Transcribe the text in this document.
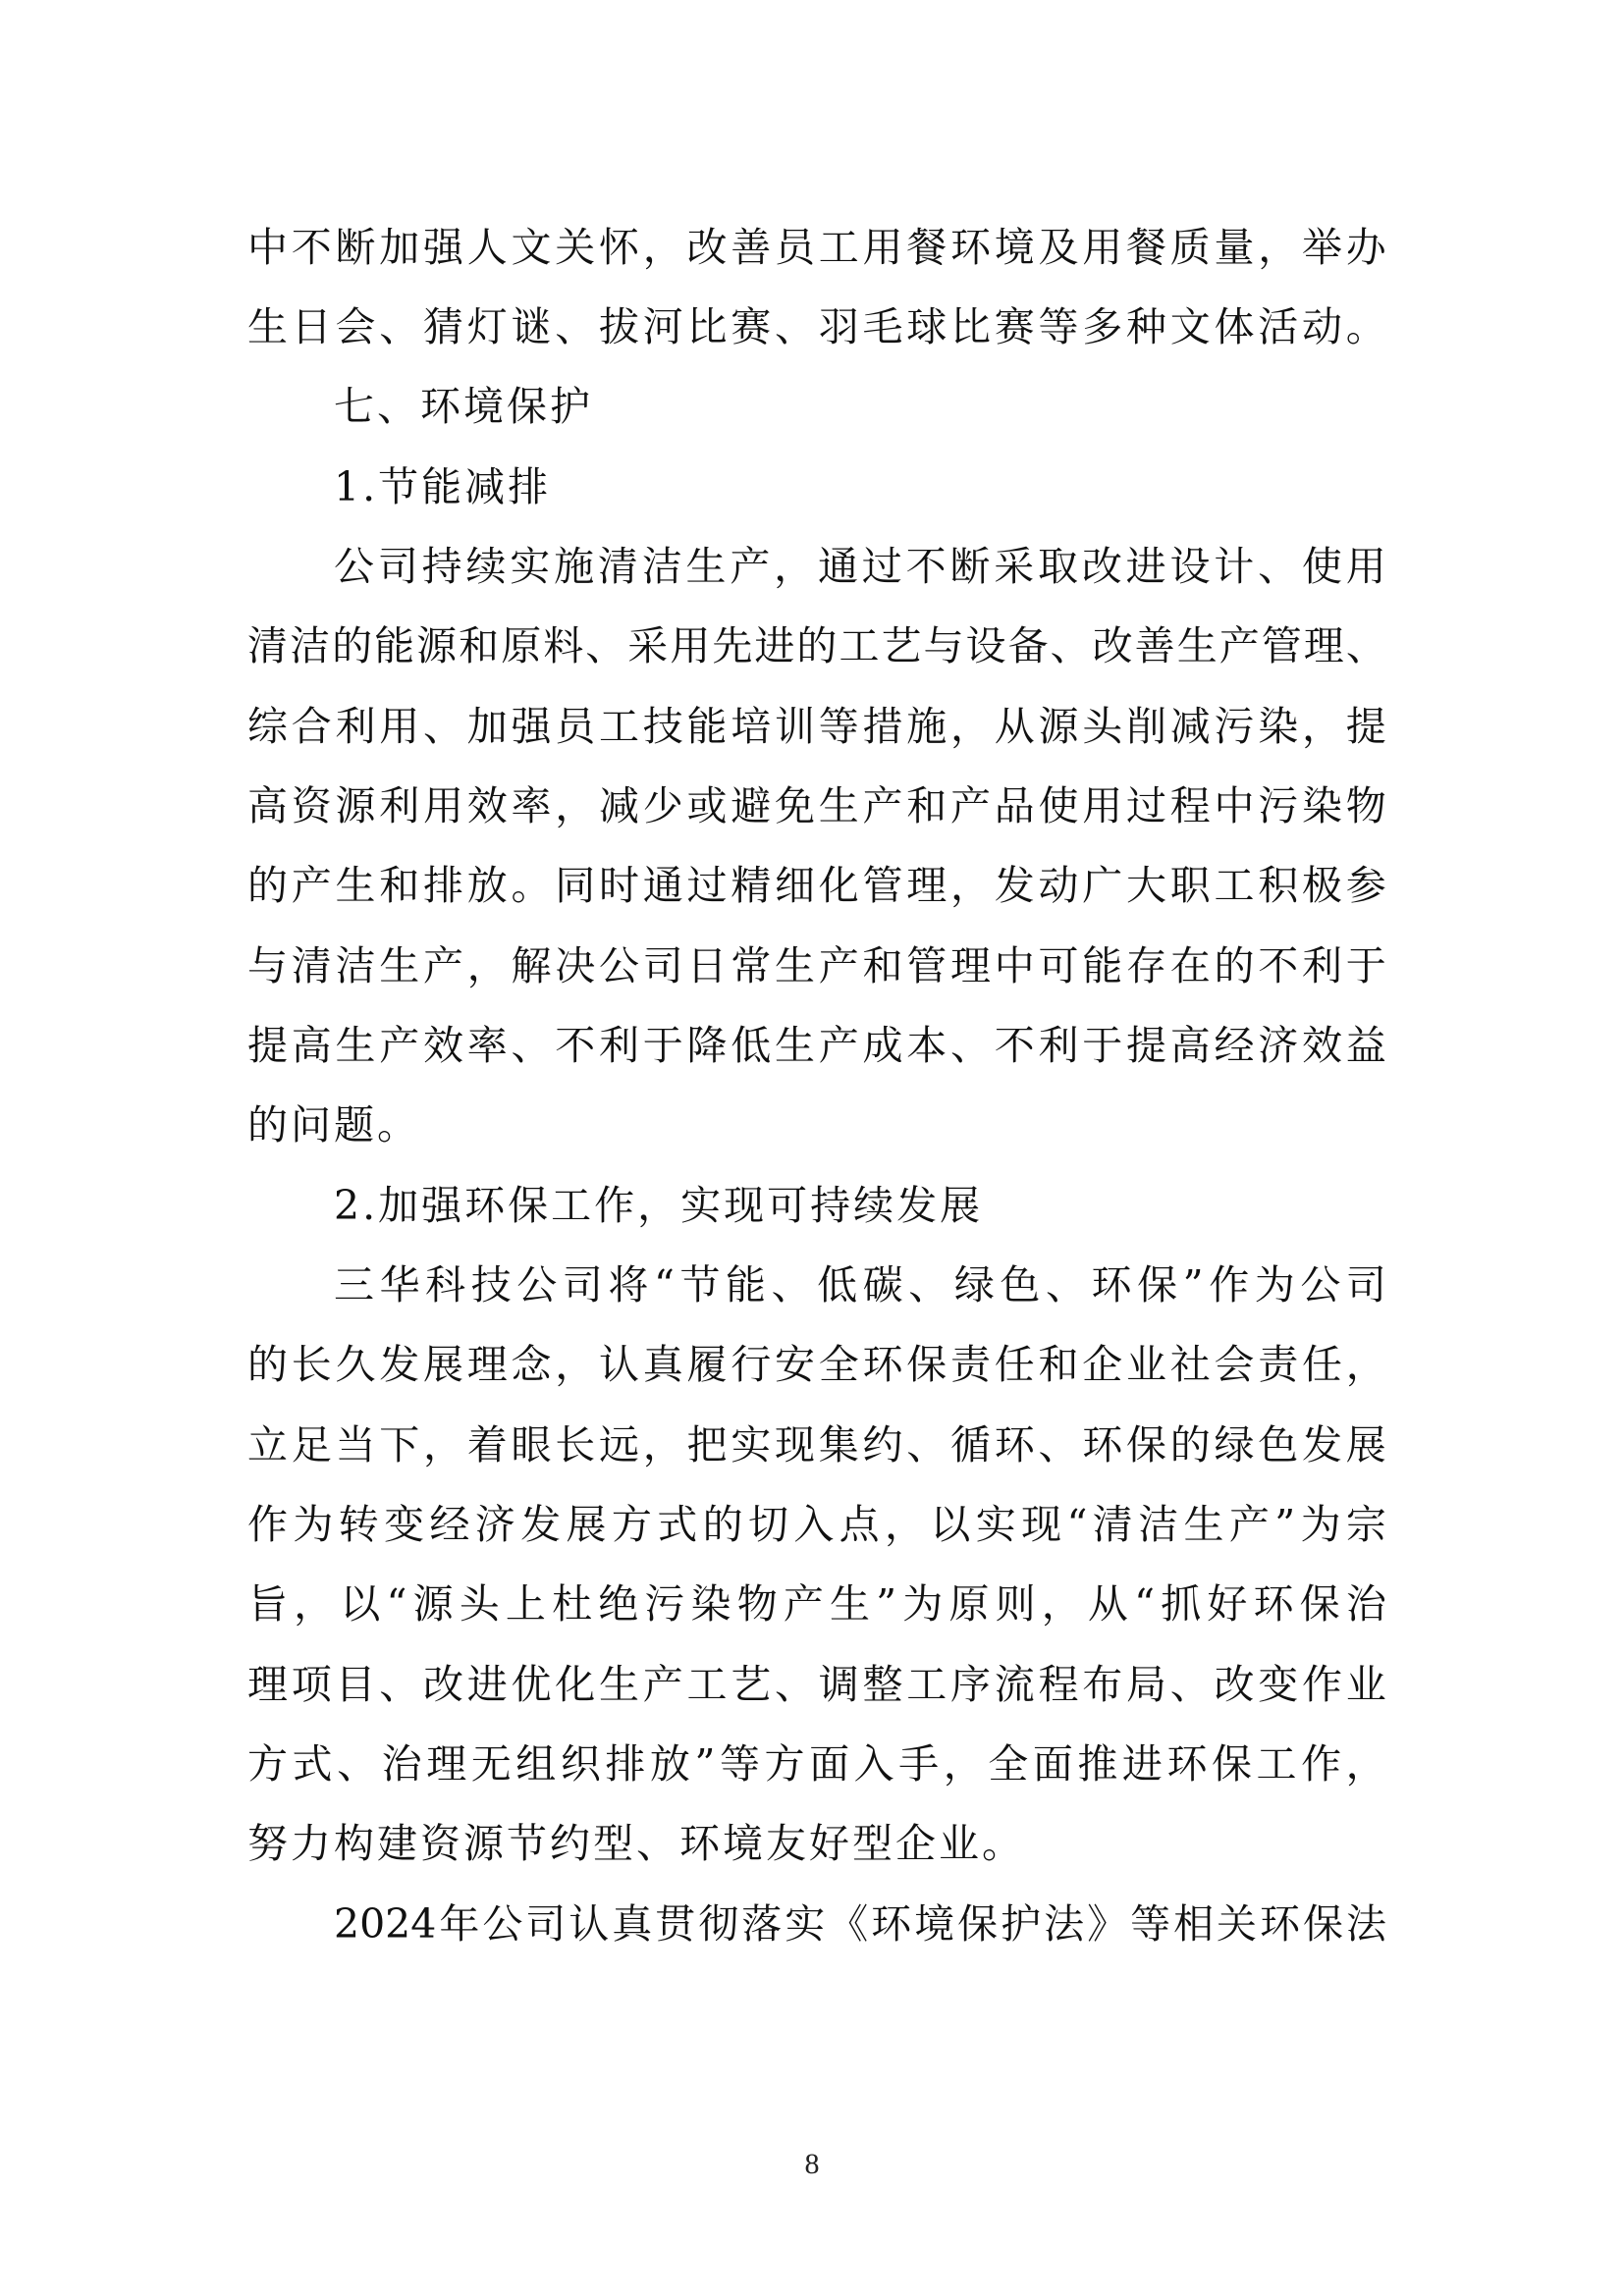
中 不 断 加 强 人 文 关 怀 ， 改 善 员 工 用 餐 环 境 及 用 餐 质 量 ， 举 办
生 日 会 、 猜 灯 谜 、 拔 河 比 赛 、 羽 毛 球 比 赛 等 多 种 文 体 活 动 。
七、环境保护
1.节能减排
公 司 持 续 实 施 清 洁 生 产 ， 通 过 不 断 采 取 改 进 设 计 、 使 用
清 洁 的 能 源 和 原 料 、 采 用 先 进 的 工 艺 与 设 备 、 改 善 生 产 管 理 、
综 合 利 用 、 加 强 员 工 技 能 培 训 等 措 施 ， 从 源 头 削 减 污 染 ， 提
高 资 源 利 用 效 率 ， 减 少 或 避 免 生 产 和 产 品 使 用 过 程 中 污 染 物
的 产 生 和 排 放 。 同 时 通 过 精 细 化 管 理 ， 发 动 广 大 职 工 积 极 参
与 清 洁 生 产 ， 解 决 公 司 日 常 生 产 和 管 理 中 可 能 存 在 的 不 利 于
提 高 生 产 效 率 、 不 利 于 降 低 生 产 成 本 、 不 利 于 提 高 经 济 效 益
的问题。
2.加强环保工作，实现可持续发展
三 华 科 技 公 司 将 “ 节 能 、 低 碳 、 绿 色 、 环 保 ” 作 为 公 司
的 长 久 发 展 理 念 ， 认 真 履 行 安 全 环 保 责 任 和 企 业 社 会 责 任 ，
立 足 当 下 ， 着 眼 长 远 ， 把 实 现 集 约 、 循 环 、 环 保 的 绿 色 发 展
作 为 转 变 经 济 发 展 方 式 的 切 入 点 ， 以 实 现 “ 清 洁 生 产 ” 为 宗
旨 ， 以 “ 源 头 上 杜 绝 污 染 物 产 生 ” 为 原 则 ， 从 “ 抓 好 环 保 治
理 项 目 、 改 进 优 化 生 产 工 艺 、 调 整 工 序 流 程 布 局 、 改 变 作 业
方 式 、 治 理 无 组 织 排 放 ” 等 方 面 入 手 ， 全 面 推 进 环 保 工 作 ，
努力构建资源节约型、环境友好型企业。
2024 年 公 司 认 真 贯 彻 落 实 《 环 境 保 护 法 》 等 相 关 环 保 法
8
